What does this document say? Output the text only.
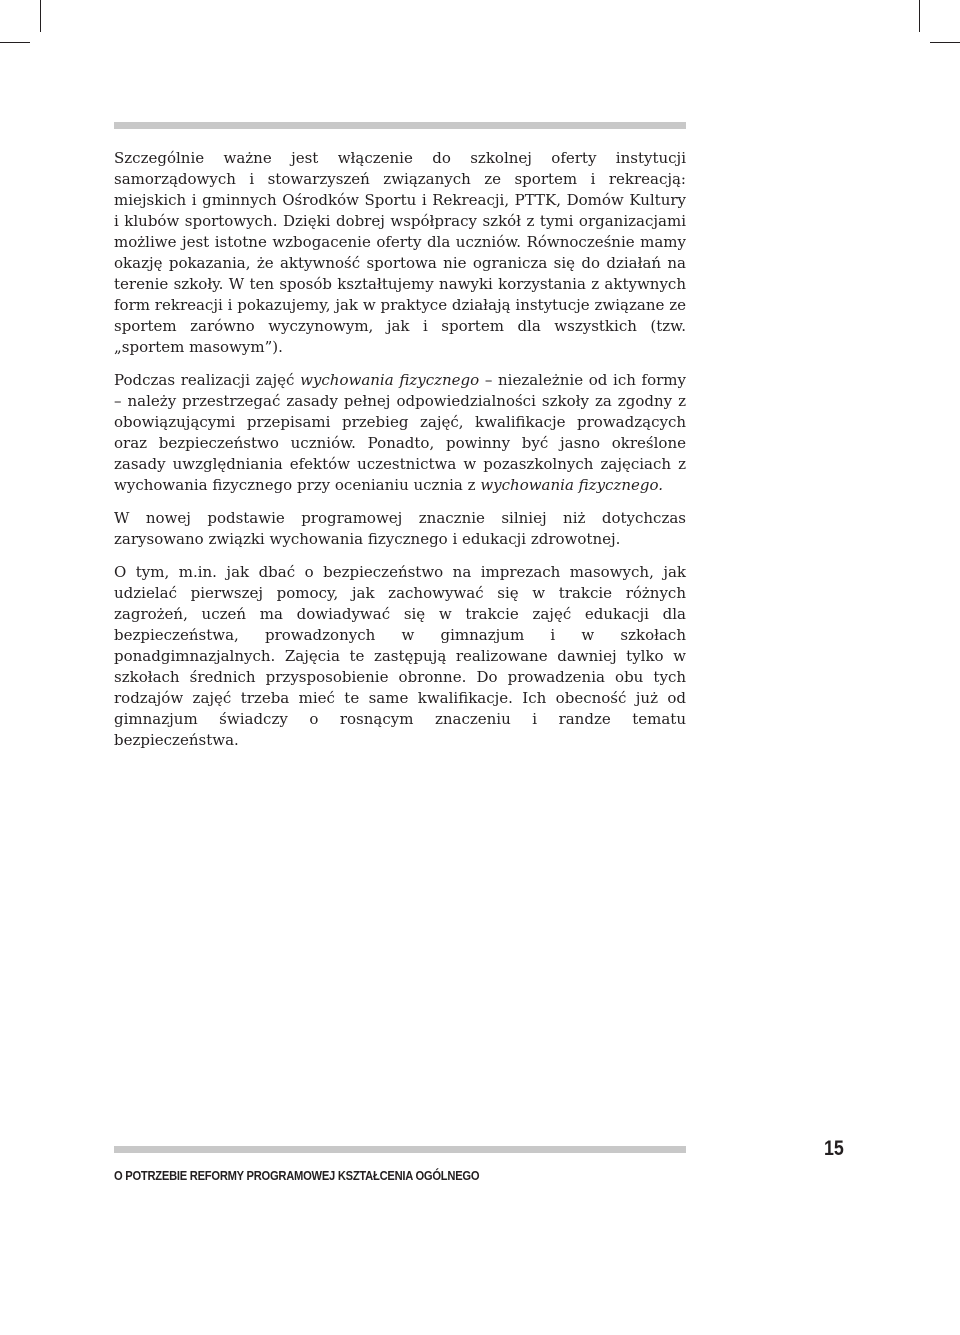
Szczególnie ważne jest włączenie do szkolnej oferty instytucji samorządowych i stowarzyszeń związanych ze sportem i rekreacją: miejskich i gminnych Ośrodków Sportu i Rekreacji, PTTK, Domów Kultury i klubów sportowych. Dzięki dobrej współpracy szkół z tymi organizacjami możliwe jest istotne wzbogacenie oferty dla uczniów. Równocześnie mamy okazję pokazania, że aktywność sportowa nie ogranicza się do działań na terenie szkoły. W ten sposób kształtujemy nawyki korzystania z aktywnych form rekreacji i pokazujemy, jak w praktyce działają instytucje związane ze sportem zarówno wyczynowym, jak i sportem dla wszystkich (tzw. „sportem masowym”).

Podczas realizacji zajęć wychowania fizycznego – niezależnie od ich formy – należy przestrzegać zasady pełnej odpowiedzialności szkoły za zgodny z obowiązującymi przepisami przebieg zajęć, kwalifikacje prowadzących oraz bezpieczeństwo uczniów. Ponadto, powinny być jasno określone zasady uwzględniania efektów uczestnictwa w pozaszkolnych zajęciach z wychowania fizycznego przy ocenianiu ucznia z wychowania fizycznego.

W nowej podstawie programowej znacznie silniej niż dotychczas zarysowano związki wychowania fizycznego i edukacji zdrowotnej.

O tym, m.in. jak dbać o bezpieczeństwo na imprezach masowych, jak udzielać pierwszej pomocy, jak zachowywać się w trakcie różnych zagrożeń, uczeń ma dowiadywać się w trakcie zajęć edukacji dla bezpieczeństwa, prowadzonych w gimnazjum i w szkołach ponadgimnazjalnych. Zajęcia te zastępują realizowane dawniej tylko w szkołach średnich przysposobienie obronne. Do prowadzenia obu tych rodzajów zajęć trzeba mieć te same kwalifikacje. Ich obecność już od gimnazjum świadczy o rosnącym znaczeniu i randze tematu bezpieczeństwa.

O POTRZEBIE REFORMY PROGRAMOWEJ KSZTAŁCENIA OGÓLNEGO
15
